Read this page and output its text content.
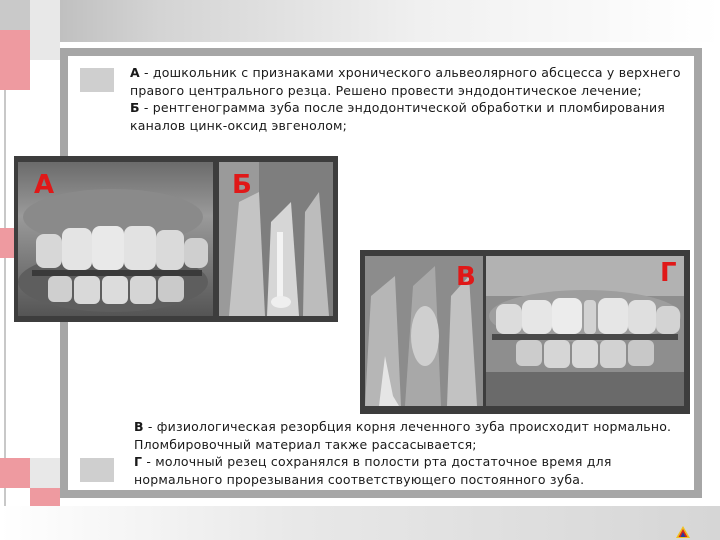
А - дошкольник с признаками хронического альвеолярного абсцесса у верхнего правого центрального резца. Решено провести эндодонтическое лечение;

Б - рентгенограмма зуба после эндодонтической обработки и пломбирования каналов цинк-оксид эвгенолом;

А	Б
В	Г

В - физиологическая резорбция корня леченного зуба происходит нормально. Пломбировочный материал также рассасывается;

Г - молочный резец сохранялся в полости рта достаточное время для нормального прорезывания соответствующего постоянного зуба.
